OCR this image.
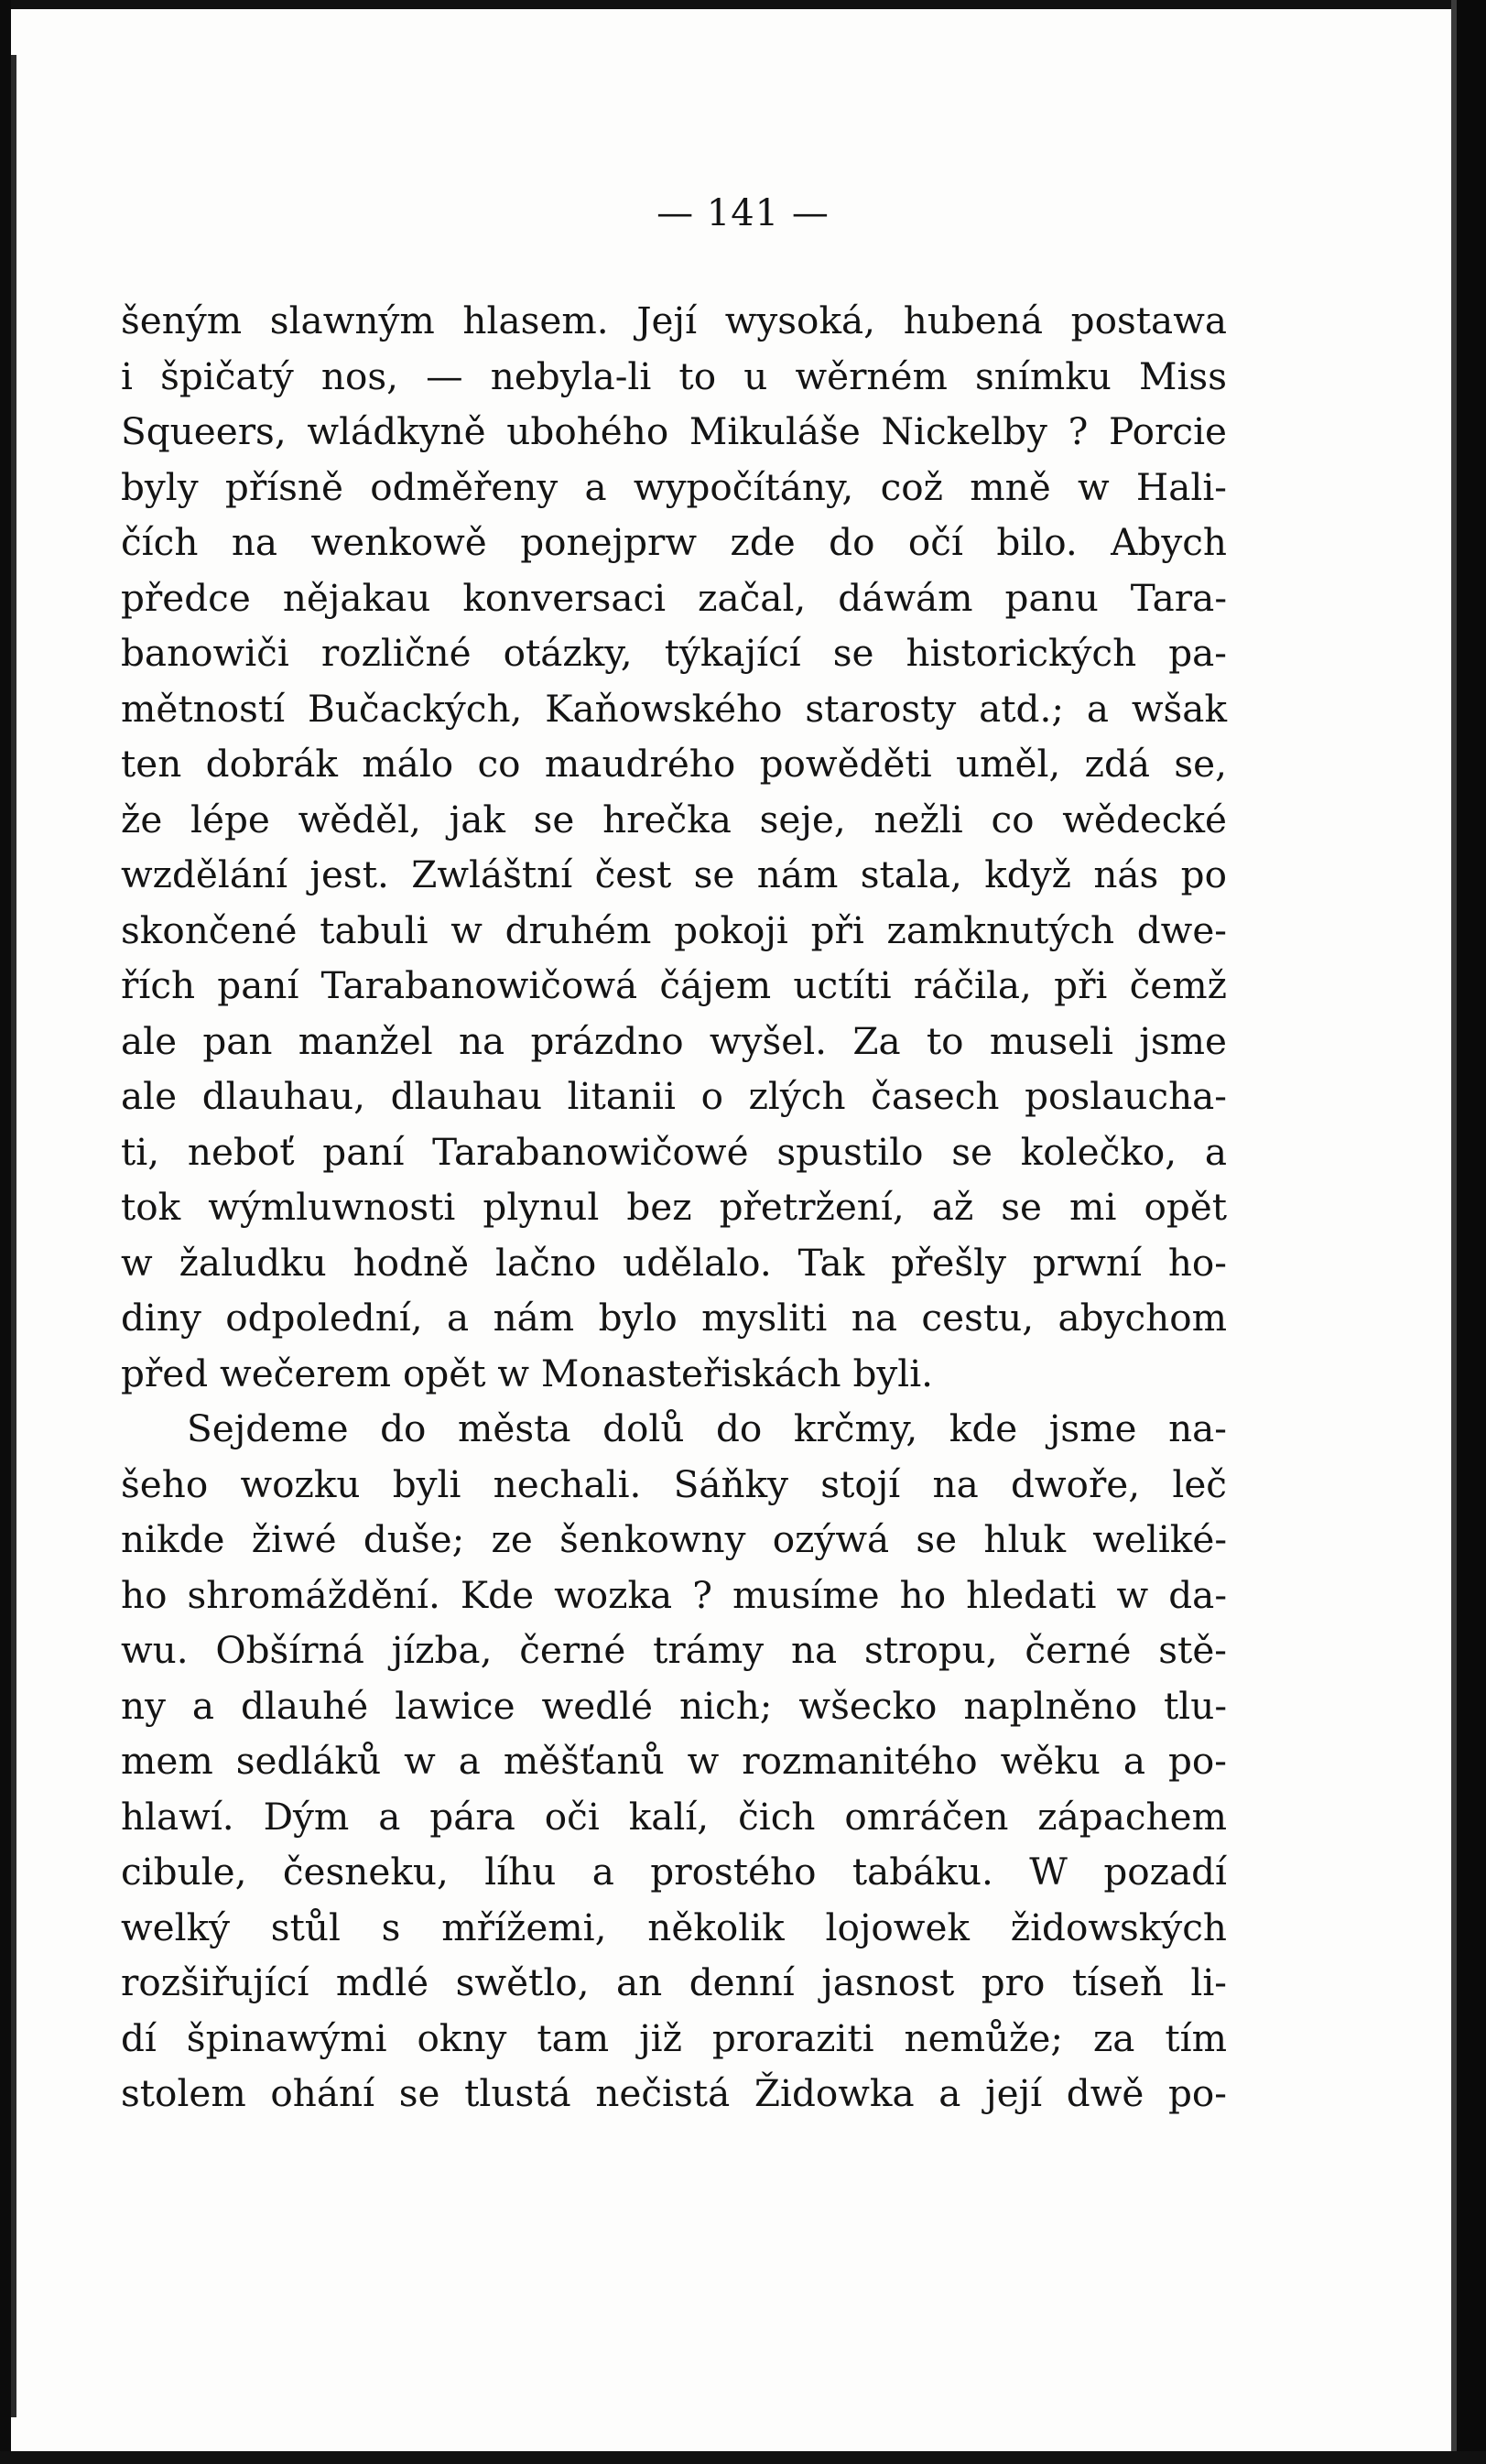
— 141 —
šeným slawným hlasem. Její wysoká, hubená postawa
i špičatý nos, — nebyla-li to u wěrném snímku Miss
Squeers, wládkyně ubohého Mikuláše Nickelby ? Porcie
byly přísně odměřeny a wypočítány, což mně w Hali-
čích na wenkowě ponejprw zde do očí bilo. Abych
předce nějakau konversaci začal, dáwám panu Tara-
banowiči rozličné otázky, týkající se historických pa-
mětností Bučackých, Kaňowského starosty atd.; a wšak
ten dobrák málo co maudrého powěděti uměl, zdá se,
že lépe wěděl, jak se hrečka seje, nežli co wědecké
wzdělání jest. Zwláštní čest se nám stala, když nás po
skončené tabuli w druhém pokoji při zamknutých dwe-
řích paní Tarabanowičowá čájem uctíti ráčila, při čemž
ale pan manžel na prázdno wyšel. Za to museli jsme
ale dlauhau, dlauhau litanii o zlých časech poslaucha-
ti, neboť paní Tarabanowičowé spustilo se kolečko, a
tok wýmluwnosti plynul bez přetržení, až se mi opět
w žaludku hodně lačno udělalo. Tak přešly prwní ho-
diny odpolední, a nám bylo mysliti na cestu, abychom
před wečerem opět w Monasteřiskách byli.
Sejdeme do města dolů do krčmy, kde jsme na-
šeho wozku byli nechali. Sáňky stojí na dwoře, leč
nikde žiwé duše; ze šenkowny ozýwá se hluk weliké-
ho shromáždění. Kde wozka ? musíme ho hledati w da-
wu. Obšírná jízba, černé trámy na stropu, černé stě-
ny a dlauhé lawice wedlé nich; wšecko naplněno tlu-
mem sedláků w a měšťanů w rozmanitého wěku a po-
hlawí. Dým a pára oči kalí, čich omráčen zápachem
cibule, česneku, líhu a prostého tabáku. W pozadí
welký stůl s mřížemi, několik lojowek židowských
rozšiřující mdlé swětlo, an denní jasnost pro tíseň li-
dí špinawými okny tam již proraziti nemůže; za tím
stolem ohání se tlustá nečistá Židowka a její dwě po-
